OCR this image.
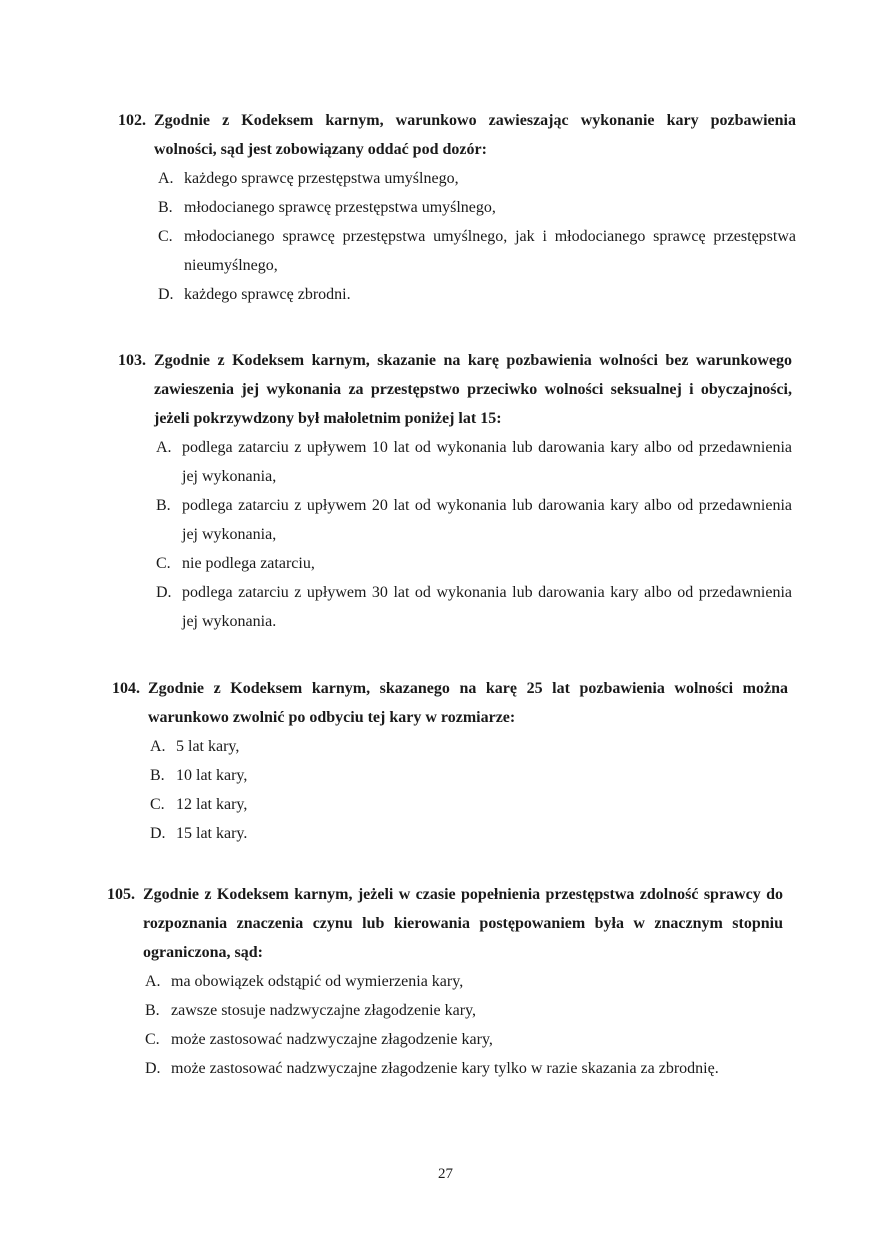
102. Zgodnie z Kodeksem karnym, warunkowo zawieszając wykonanie kary pozbawienia wolności, sąd jest zobowiązany oddać pod dozór:
A. każdego sprawcę przestępstwa umyślnego,
B. młodocianego sprawcę przestępstwa umyślnego,
C. młodocianego sprawcę przestępstwa umyślnego, jak i młodocianego sprawcę przestępstwa nieumyślnego,
D. każdego sprawcę zbrodni.
103. Zgodnie z Kodeksem karnym, skazanie na karę pozbawienia wolności bez warunkowego zawieszenia jej wykonania za przestępstwo przeciwko wolności seksualnej i obyczajności, jeżeli pokrzywdzony był małoletnim poniżej lat 15:
A. podlega zatarciu z upływem 10 lat od wykonania lub darowania kary albo od przedawnienia jej wykonania,
B. podlega zatarciu z upływem 20 lat od wykonania lub darowania kary albo od przedawnienia jej wykonania,
C. nie podlega zatarciu,
D. podlega zatarciu z upływem 30 lat od wykonania lub darowania kary albo od przedawnienia jej wykonania.
104. Zgodnie z Kodeksem karnym, skazanego na karę 25 lat pozbawienia wolności można warunkowo zwolnić po odbyciu tej kary w rozmiarze:
A. 5 lat kary,
B. 10 lat kary,
C. 12 lat kary,
D. 15 lat kary.
105. Zgodnie z Kodeksem karnym, jeżeli w czasie popełnienia przestępstwa zdolność sprawcy do rozpoznania znaczenia czynu lub kierowania postępowaniem była w znacznym stopniu ograniczona, sąd:
A. ma obowiązek odstąpić od wymierzenia kary,
B. zawsze stosuje nadzwyczajne złagodzenie kary,
C. może zastosować nadzwyczajne złagodzenie kary,
D. może zastosować nadzwyczajne złagodzenie kary tylko w razie skazania za zbrodnię.
27
